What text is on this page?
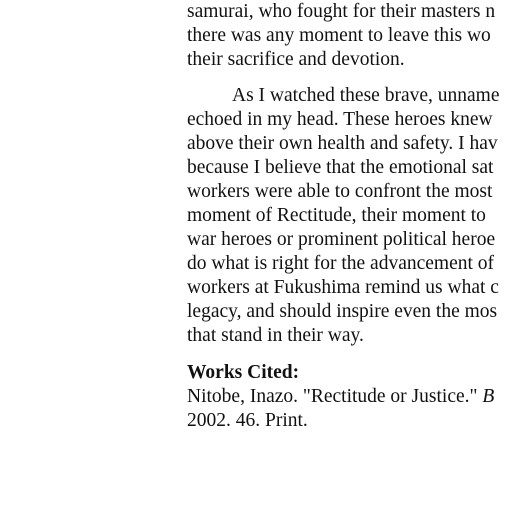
samurai, who fought for their masters n
there was any moment to leave this wo
their sacrifice and devotion.
As I watched these brave, unname
echoed in my head. These heroes knew
above their own health and safety. I hav
because I believe that the emotional sat
workers were able to confront the most
moment of Rectitude, their moment to
war heroes or prominent political heroe
do what is right for the advancement of
workers at Fukushima remind us what c
legacy, and should inspire even the mos
that stand in their way.
Works Cited:
Nitobe, Inazo. "Rectitude or Justice." B
2002. 46. Print.
